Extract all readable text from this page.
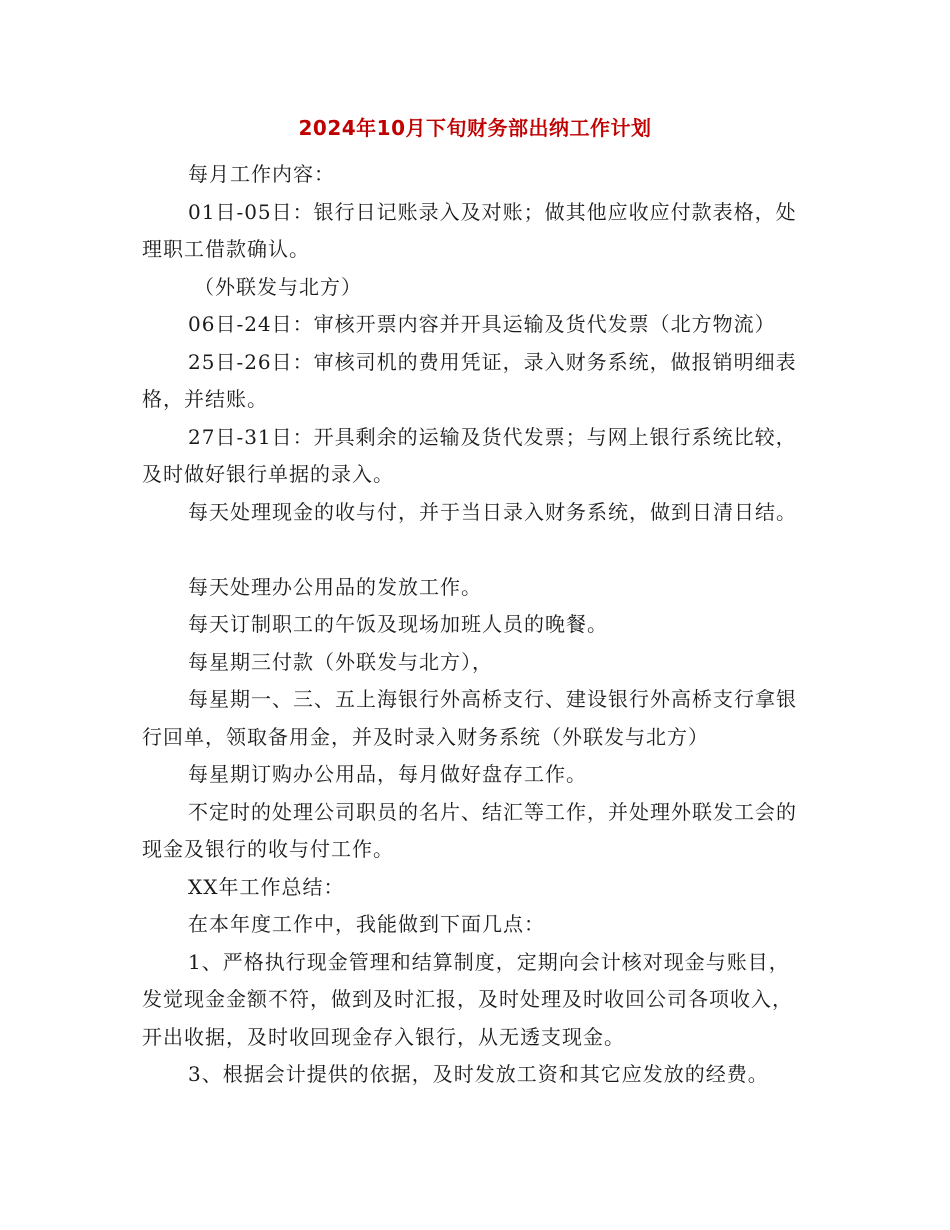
2024年10月下旬财务部出纳工作计划

每月工作内容：

01日-05日：银行日记账录入及对账；做其他应收应付款表格，处理职工借款确认。

（外联发与北方）

06日-24日：审核开票内容并开具运输及货代发票（北方物流）

25日-26日：审核司机的费用凭证，录入财务系统，做报销明细表格，并结账。

27日-31日：开具剩余的运输及货代发票；与网上银行系统比较，及时做好银行单据的录入。

每天处理现金的收与付，并于当日录入财务系统，做到日清日结。

每天处理办公用品的发放工作。

每天订制职工的午饭及现场加班人员的晚餐。

每星期三付款（外联发与北方），

每星期一、三、五上海银行外高桥支行、建设银行外高桥支行拿银行回单，领取备用金，并及时录入财务系统（外联发与北方）

每星期订购办公用品，每月做好盘存工作。

不定时的处理公司职员的名片、结汇等工作，并处理外联发工会的现金及银行的收与付工作。

XX年工作总结：

在本年度工作中，我能做到下面几点：

1、严格执行现金管理和结算制度，定期向会计核对现金与账目，发觉现金金额不符，做到及时汇报，及时处理及时收回公司各项收入，开出收据，及时收回现金存入银行，从无透支现金。

3、根据会计提供的依据，及时发放工资和其它应发放的经费。
